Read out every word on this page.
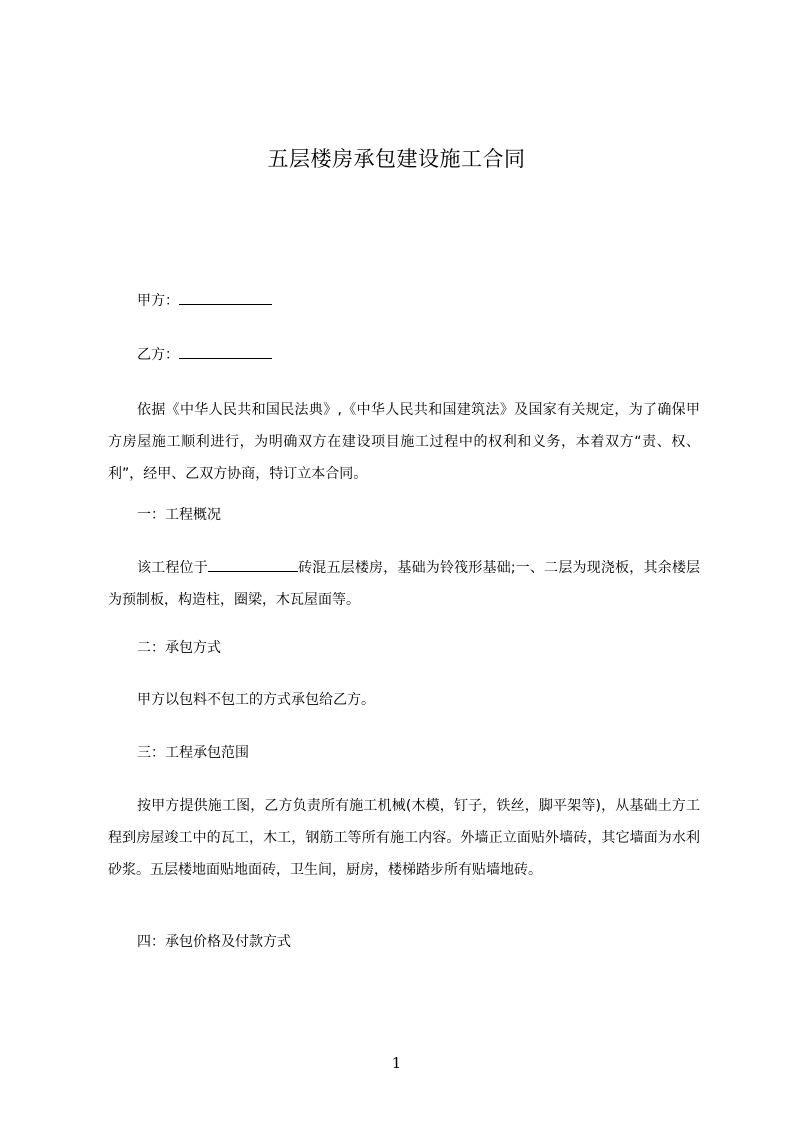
五层楼房承包建设施工合同
甲方：
乙方：
依据《中华人民共和国民法典》,《中华人民共和国建筑法》及国家有关规定，为了确保甲方房屋施工顺利进行，为明确双方在建设项目施工过程中的权利和义务，本着双方“责、权、利”，经甲、乙双方协商，特订立本合同。
一：工程概况
该工程位于	砖混五层楼房，基础为铃筏形基础;一、二层为现浇板，其余楼层为预制板，构造柱，圈梁，木瓦屋面等。
二：承包方式
甲方以包料不包工的方式承包给乙方。
三：工程承包范围
按甲方提供施工图，乙方负责所有施工机械(木模，钉子，铁丝，脚平架等)，从基础土方工程到房屋竣工中的瓦工，木工，钢筋工等所有施工内容。外墙正立面贴外墙砖，其它墙面为水利砂浆。五层楼地面贴地面砖，卫生间，厨房，楼梯踏步所有贴墙地砖。
四：承包价格及付款方式
1
